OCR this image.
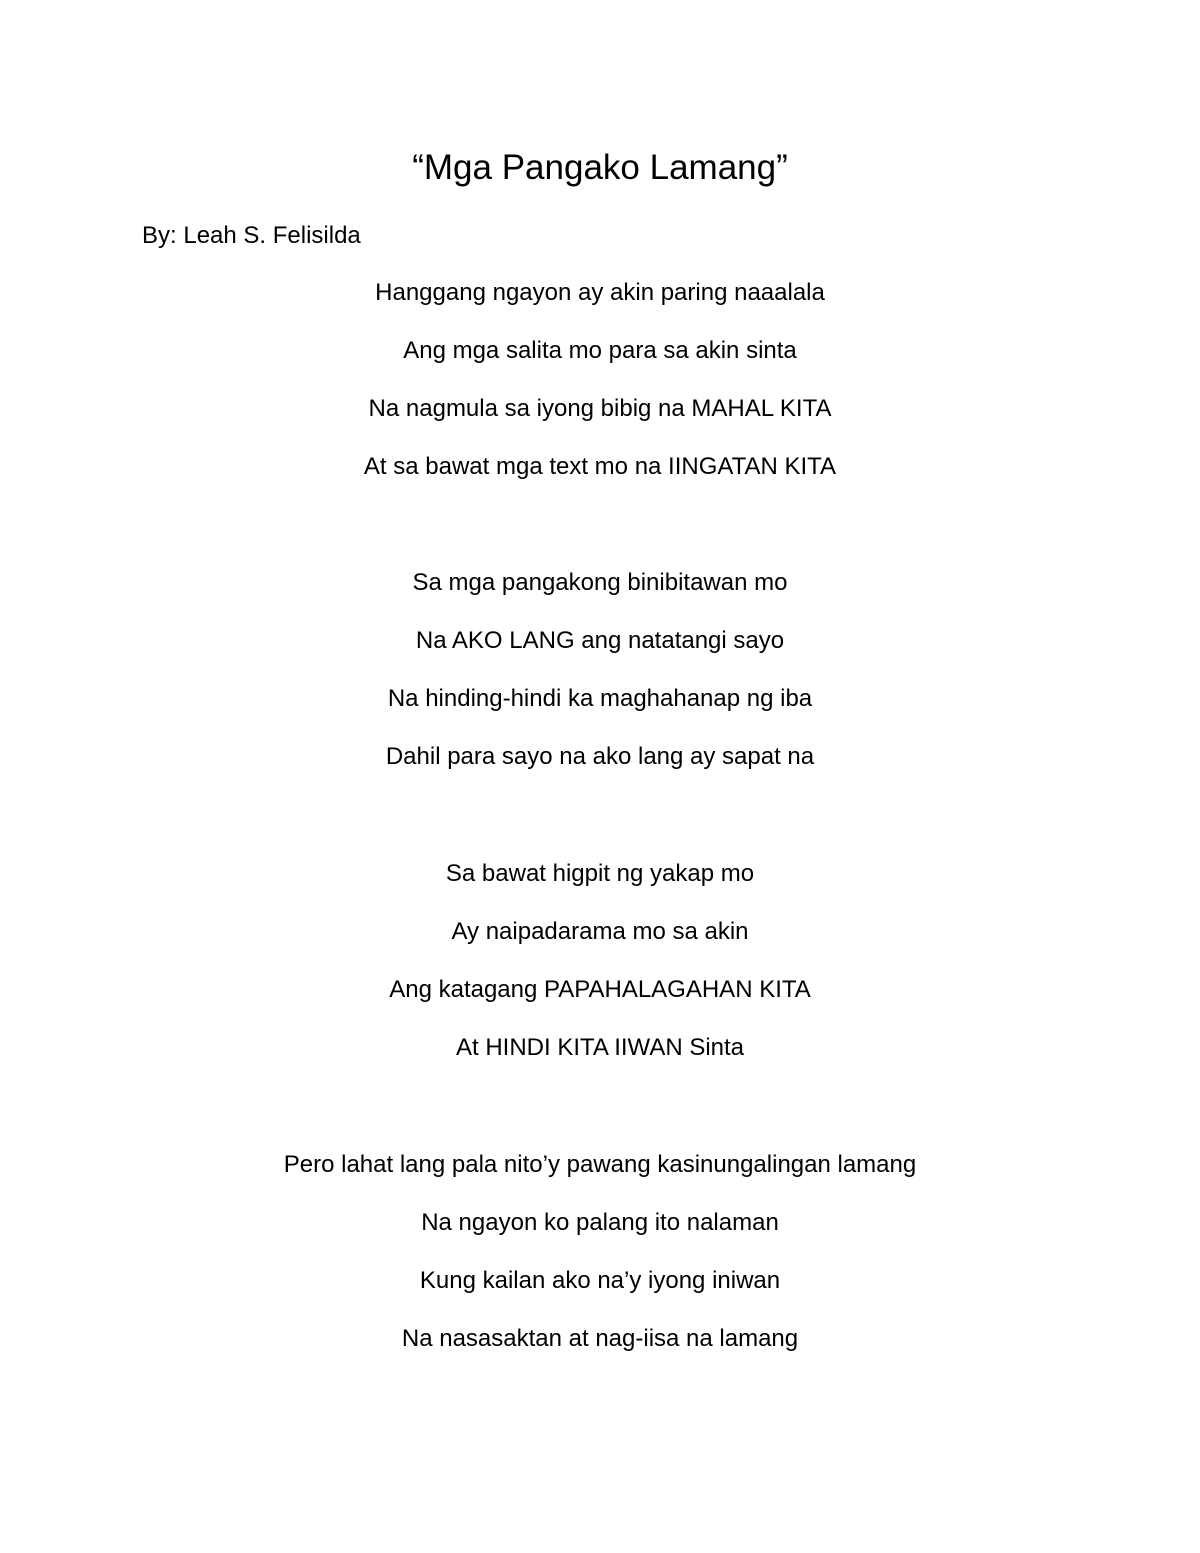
“Mga Pangako Lamang”
By: Leah S. Felisilda
Hanggang ngayon ay akin paring naaalala
Ang mga salita mo para sa akin sinta
Na nagmula sa iyong bibig na MAHAL KITA
At sa bawat mga text mo na IINGATAN KITA
Sa mga pangakong binibitawan mo
Na AKO LANG ang natatangi sayo
Na hinding-hindi ka maghahanap ng iba
Dahil para sayo na ako lang ay sapat na
Sa bawat higpit ng yakap mo
Ay naipadarama mo sa akin
Ang katagang PAPAHALAGAHAN KITA
At HINDI KITA IIWAN Sinta
Pero lahat lang pala nito’y pawang kasinungalingan lamang
Na ngayon ko palang ito nalaman
Kung kailan ako na’y iyong iniwan
Na nasasaktan at nag-iisa na lamang
